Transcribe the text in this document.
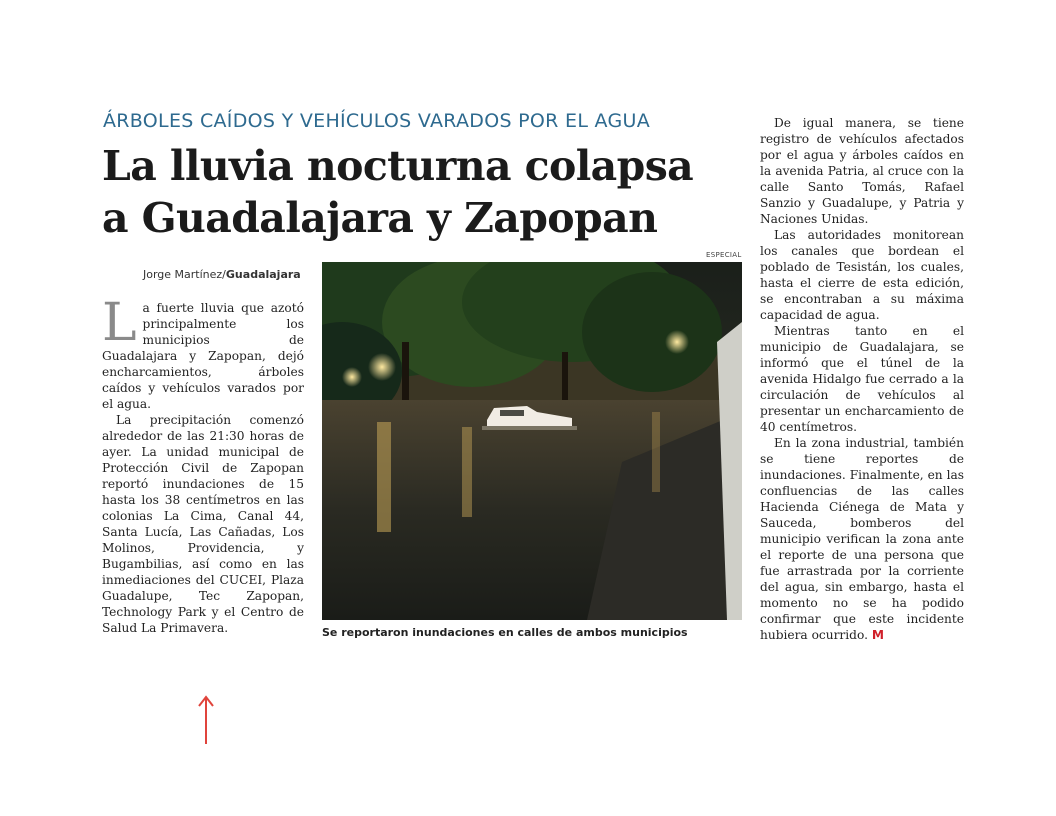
ÁRBOLES CAÍDOS Y VEHÍCULOS VARADOS POR EL AGUA
La lluvia nocturna colapsa
a Guadalajara y Zapopan
Jorge Martínez/Guadalajara

La fuerte lluvia que azotó principalmente los municipios de Guadalajara y Zapopan, dejó encharcamientos, árboles caídos y vehículos varados por el agua.

La precipitación comenzó alrededor de las 21:30 horas de ayer. La unidad municipal de Protección Civil de Zapopan reportó inundaciones de 15 hasta los 38 centímetros en las colonias La Cima, Canal 44, Santa Lucía, Las Cañadas, Los Molinos, Providencia, y Bugambilias, así como en las inmediaciones del CUCEI, Plaza Guadalupe, Tec Zapopan, Technology Park y el Centro de Salud La Primavera.

ESPECIAL
Se reportaron inundaciones en calles de ambos municipios

De igual manera, se tiene registro de vehículos afectados por el agua y árboles caídos en la avenida Patria, al cruce con la calle Santo Tomás, Rafael Sanzio y Guadalupe, y Patria y Naciones Unidas.

Las autoridades monitorean los canales que bordean el poblado de Tesistán, los cuales, hasta el cierre de esta edición, se encontraban a su máxima capacidad de agua.

Mientras tanto en el municipio de Guadalajara, se informó que el túnel de la avenida Hidalgo fue cerrado a la circulación de vehículos al presentar un encharcamiento de 40 centímetros.

En la zona industrial, también se tiene reportes de inundaciones. Finalmente, en las confluencias de las calles Hacienda Ciénega de Mata y Sauceda, bomberos del municipio verifican la zona ante el reporte de una persona que fue arrastrada por la corriente del agua, sin embargo, hasta el momento no se ha podido confirmar que este incidente hubiera ocurrido. M
